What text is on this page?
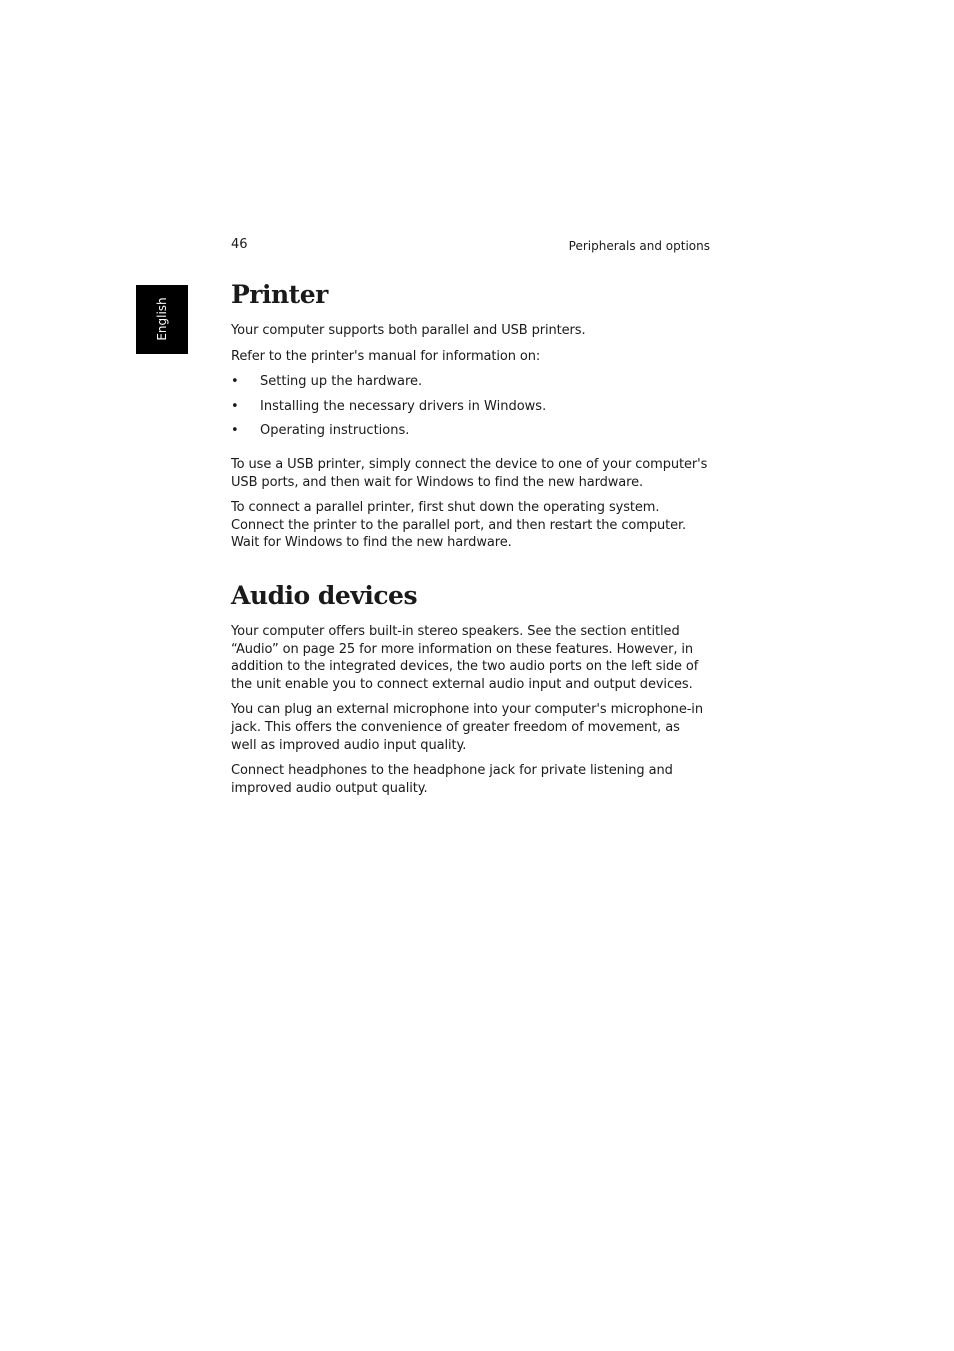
46	Peripherals and options
English
Printer

Your computer supports both parallel and USB printers.

Refer to the printer's manual for information on:

• Setting up the hardware.
• Installing the necessary drivers in Windows.
• Operating instructions.

To use a USB printer, simply connect the device to one of your computer's USB ports, and then wait for Windows to find the new hardware.

To connect a parallel printer, first shut down the operating system. Connect the printer to the parallel port, and then restart the computer. Wait for Windows to find the new hardware.

Audio devices

Your computer offers built-in stereo speakers. See the section entitled “Audio” on page 25 for more information on these features. However, in addition to the integrated devices, the two audio ports on the left side of the unit enable you to connect external audio input and output devices.

You can plug an external microphone into your computer's microphone-in jack. This offers the convenience of greater freedom of movement, as well as improved audio input quality.

Connect headphones to the headphone jack for private listening and improved audio output quality.
